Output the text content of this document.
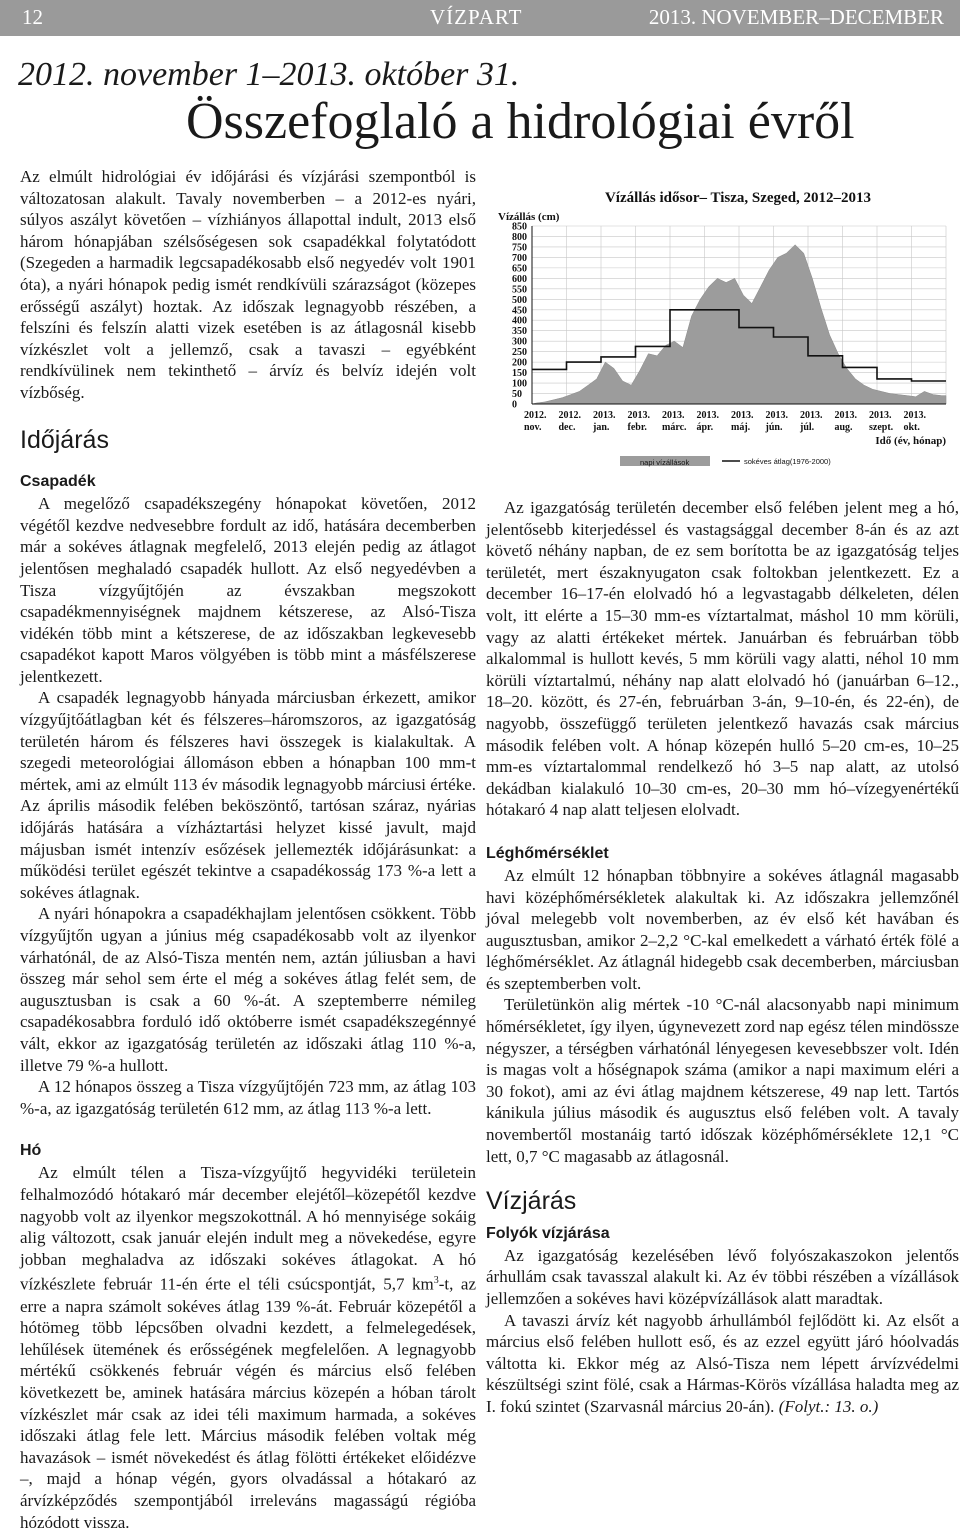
12	VÍZPART	2013. NOVEMBER–DECEMBER
2012. november 1–2013. október 31.
Összefoglaló a hidrológiai évről

Az elmúlt hidrológiai év időjárási és vízjárási szempontból is változatosan alakult. Tavaly novemberben – a 2012-es nyári, súlyos aszályt követően – vízhiányos állapottal indult, 2013 első három hónapjában szélsőségesen sok csapadékkal folytatódott (Szegeden a harmadik legcsapadékosabb első negyedév volt 1901 óta), a nyári hónapok pedig ismét rendkívüli szárazságot (közepes erősségű aszályt) hoztak. Az időszak legnagyobb részében, a felszíni és felszín alatti vizek esetében is az átlagosnál kisebb vízkészlet volt a jellemző, csak a tavaszi – egyébként rendkívülinek nem tekinthető – árvíz és belvíz idején volt vízbőség.

Időjárás
Csapadék

A megelőző csapadékszegény hónapokat követően, 2012 végétől kezdve nedvesebbre fordult az idő, hatására decemberben már a sokéves átlagnak megfelelő, 2013 elején pedig az átlagot jelentősen meghaladó csapadék hullott. Az első negyedévben a Tisza vízgyűjtőjén az évszakban megszokott csapadékmennyiségnek majdnem kétszerese, az Alsó-Tisza vidékén több mint a kétszerese, de az időszakban legkevesebb csapadékot kapott Maros völgyében is több mint a másfélszerese jelentkezett.

A csapadék legnagyobb hányada márciusban érkezett, amikor vízgyűjtőátlagban két és félszeres–háromszoros, az igazgatóság területén három és félszeres havi összegek is kialakultak. A szegedi meteorológiai állomáson ebben a hónapban 100 mm-t mértek, ami az elmúlt 113 év második legnagyobb márciusi értéke. Az április második felében beköszöntő, tartósan száraz, nyárias időjárás hatására a vízháztartási helyzet kissé javult, majd májusban ismét intenzív esőzések jellemezték időjárásunkat: a működési terület egészét tekintve a csapadékosság 173 %-a lett a sokéves átlagnak.

A nyári hónapokra a csapadékhajlam jelentősen csökkent. Több vízgyűjtőn ugyan a június még csapadékosabb volt az ilyenkor várhatónál, de az Alsó-Tisza mentén nem, aztán júliusban a havi összeg már sehol sem érte el még a sokéves átlag felét sem, de augusztusban is csak a 60 %-át. A szeptemberre némileg csapadékosabbra forduló idő októberre ismét csapadékszegénnyé vált, ekkor az igazgatóság területén az időszaki átlag 110 %-a, illetve 79 %-a hullott.

A 12 hónapos összeg a Tisza vízgyűjtőjén 723 mm, az átlag 103 %-a, az igazgatóság területén 612 mm, az átlag 113 %-a lett.

Hó

Az elmúlt télen a Tisza-vízgyűjtő hegyvidéki területein felhalmozódó hótakaró már december elejétől–közepétől kezdve nagyobb volt az ilyenkor megszokottnál. A hó mennyisége sokáig alig változott, csak január elején indult meg a növekedése, egyre jobban meghaladva az időszaki sokéves átlagokat. A hó vízkészlete február 11-én érte el téli csúcspontját, 5,7 $km^3-t$, az erre a napra számolt sokéves átlag 139 %-át. Február közepétől a hótömeg több lépcsőben olvadni kezdett, a felmelegedések, lehűlések ütemének és erősségének megfelelően. A legnagyobb mértékű csökkenés február végén és március első felében következett be, aminek hatására március közepén a hóban tárolt vízkészlet már csak az idei téli maximum harmada, a sokéves időszaki átlag fele lett. Március második felében voltak még havazások – ismét növekedést és átlag fölötti értékeket előidézve –, majd a hónap végén, gyors olvadással a hótakaró az árvízképződés szempontjából irreleváns magasságú régióba hózódott vissza.

Vízállás idősor– Tisza, Szeged, 2012–2013
Vízállás (cm)
850
800
750
700
650
600
550
500
450
400
350
300
250
200
150
100
50
0
2012.
nov.
2012.
dec.
2013.
jan.
2013.
febr.
2013.
márc.
2013.
ápr.
2013.
máj.
2013.
jún.
2013.
júl.
2013.
aug.
2013.
szept.
2013.
okt.
Idő (év, hónap)
napi vízállások	sokéves átlag(1976-2000)

Az igazgatóság területén december első felében jelent meg a hó, jelentősebb kiterjedéssel és vastagsággal december 8-án és az azt követő néhány napban, de ez sem borította be az igazgatóság teljes területét, mert északnyugaton csak foltokban jelentkezett. Ez a december 16–17-én elolvadó hó a legvastagabb délkeleten, délen volt, itt elérte a 15–30 mm-es víztartalmat, máshol 10 mm körüli, vagy az alatti értékeket mértek. Januárban és februárban több alkalommal is hullott kevés, 5 mm körüli vagy alatti, néhol 10 mm körüli víztartalmú, néhány nap alatt elolvadó hó (januárban 6–12., 18–20. között, és 27-én, februárban 3-án, 9–10-én, és 22-én), de nagyobb, összefüggő területen jelentkező havazás csak március második felében volt. A hónap közepén hulló 5–20 cm-es, 10–25 mm-es víztartalommal rendelkező hó 3–5 nap alatt, az utolsó dekádban kialakuló 10–30 cm-es, 20–30 mm hó–vízegyenértékű hótakaró 4 nap alatt teljesen elolvadt.

Léghőmérséklet

Az elmúlt 12 hónapban többnyire a sokéves átlagnál magasabb havi középhőmérsékletek alakultak ki. Az időszakra jellemzőnél jóval melegebb volt novemberben, az év első két havában és augusztusban, amikor 2–2,2 °C-kal emelkedett a várható érték fölé a léghőmérséklet. Az átlagnál hidegebb csak decemberben, márciusban és szeptemberben volt.

Területünkön alig mértek -10 °C-nál alacsonyabb napi minimum hőmérsékletet, így ilyen, úgynevezett zord nap egész télen mindössze négyszer, a térségben várhatónál lényegesen kevesebbszer volt. Idén is magas volt a hőségnapok száma (amikor a napi maximum eléri a 30 fokot), ami az évi átlag majdnem kétszerese, 49 nap lett. Tartós kánikula július második és augusztus első felében volt. A tavaly novembertől mostanáig tartó időszak középhőmérséklete 12,1 °C lett, 0,7 °C magasabb az átlagosnál.

Vízjárás
Folyók vízjárása

Az igazgatóság kezelésében lévő folyószakaszokon jelentős árhullám csak tavasszal alakult ki. Az év többi részében a vízállások jellemzően a sokéves havi középvízállások alatt maradtak.

A tavaszi árvíz két nagyobb árhullámból fejlődött ki. Az elsőt a március első felében hullott eső, és az ezzel együtt járó hóolvadás váltotta ki. Ekkor még az Alsó-Tisza nem lépett árvízvédelmi készültségi szint fölé, csak a Hármas-Körös vízállása haladta meg az I. fokú szintet (Szarvasnál március 20-án). (Folyt.: 13. o.)
